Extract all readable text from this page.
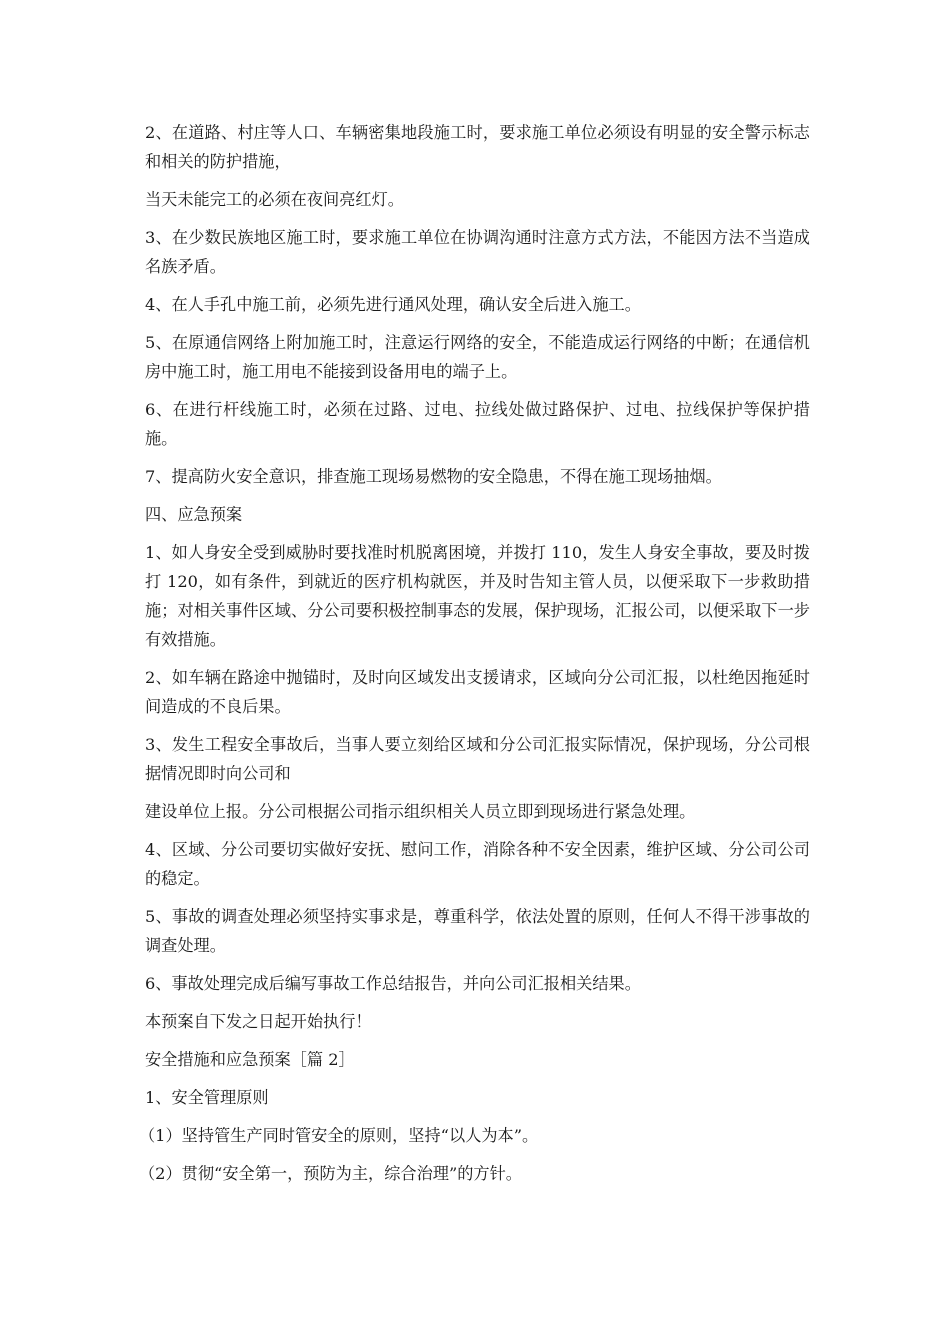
2、在道路、村庄等人口、车辆密集地段施工时，要求施工单位必须设有明显的安全警示标志和相关的防护措施，

当天未能完工的必须在夜间亮红灯。

3、在少数民族地区施工时，要求施工单位在协调沟通时注意方式方法，不能因方法不当造成名族矛盾。

4、在人手孔中施工前，必须先进行通风处理，确认安全后进入施工。

5、在原通信网络上附加施工时，注意运行网络的安全，不能造成运行网络的中断；在通信机房中施工时，施工用电不能接到设备用电的端子上。

6、在进行杆线施工时，必须在过路、过电、拉线处做过路保护、过电、拉线保护等保护措施。

7、提高防火安全意识，排查施工现场易燃物的安全隐患，不得在施工现场抽烟。

四、应急预案

1、如人身安全受到威胁时要找准时机脱离困境，并拨打 110，发生人身安全事故，要及时拨打 120，如有条件，到就近的医疗机构就医，并及时告知主管人员，以便采取下一步救助措施；对相关事件区域、分公司要积极控制事态的发展，保护现场，汇报公司，以便采取下一步有效措施。

2、如车辆在路途中抛锚时，及时向区域发出支援请求，区域向分公司汇报，以杜绝因拖延时间造成的不良后果。

3、发生工程安全事故后，当事人要立刻给区域和分公司汇报实际情况，保护现场，分公司根据情况即时向公司和

建设单位上报。分公司根据公司指示组织相关人员立即到现场进行紧急处理。

4、区域、分公司要切实做好安抚、慰问工作，消除各种不安全因素，维护区域、分公司公司的稳定。

5、事故的调查处理必须坚持实事求是，尊重科学，依法处置的原则，任何人不得干涉事故的调查处理。

6、事故处理完成后编写事故工作总结报告，并向公司汇报相关结果。

本预案自下发之日起开始执行！

安全措施和应急预案［篇 2］

1、安全管理原则

（1）坚持管生产同时管安全的原则，坚持“以人为本”。

（2）贯彻“安全第一，预防为主，综合治理”的方针。
